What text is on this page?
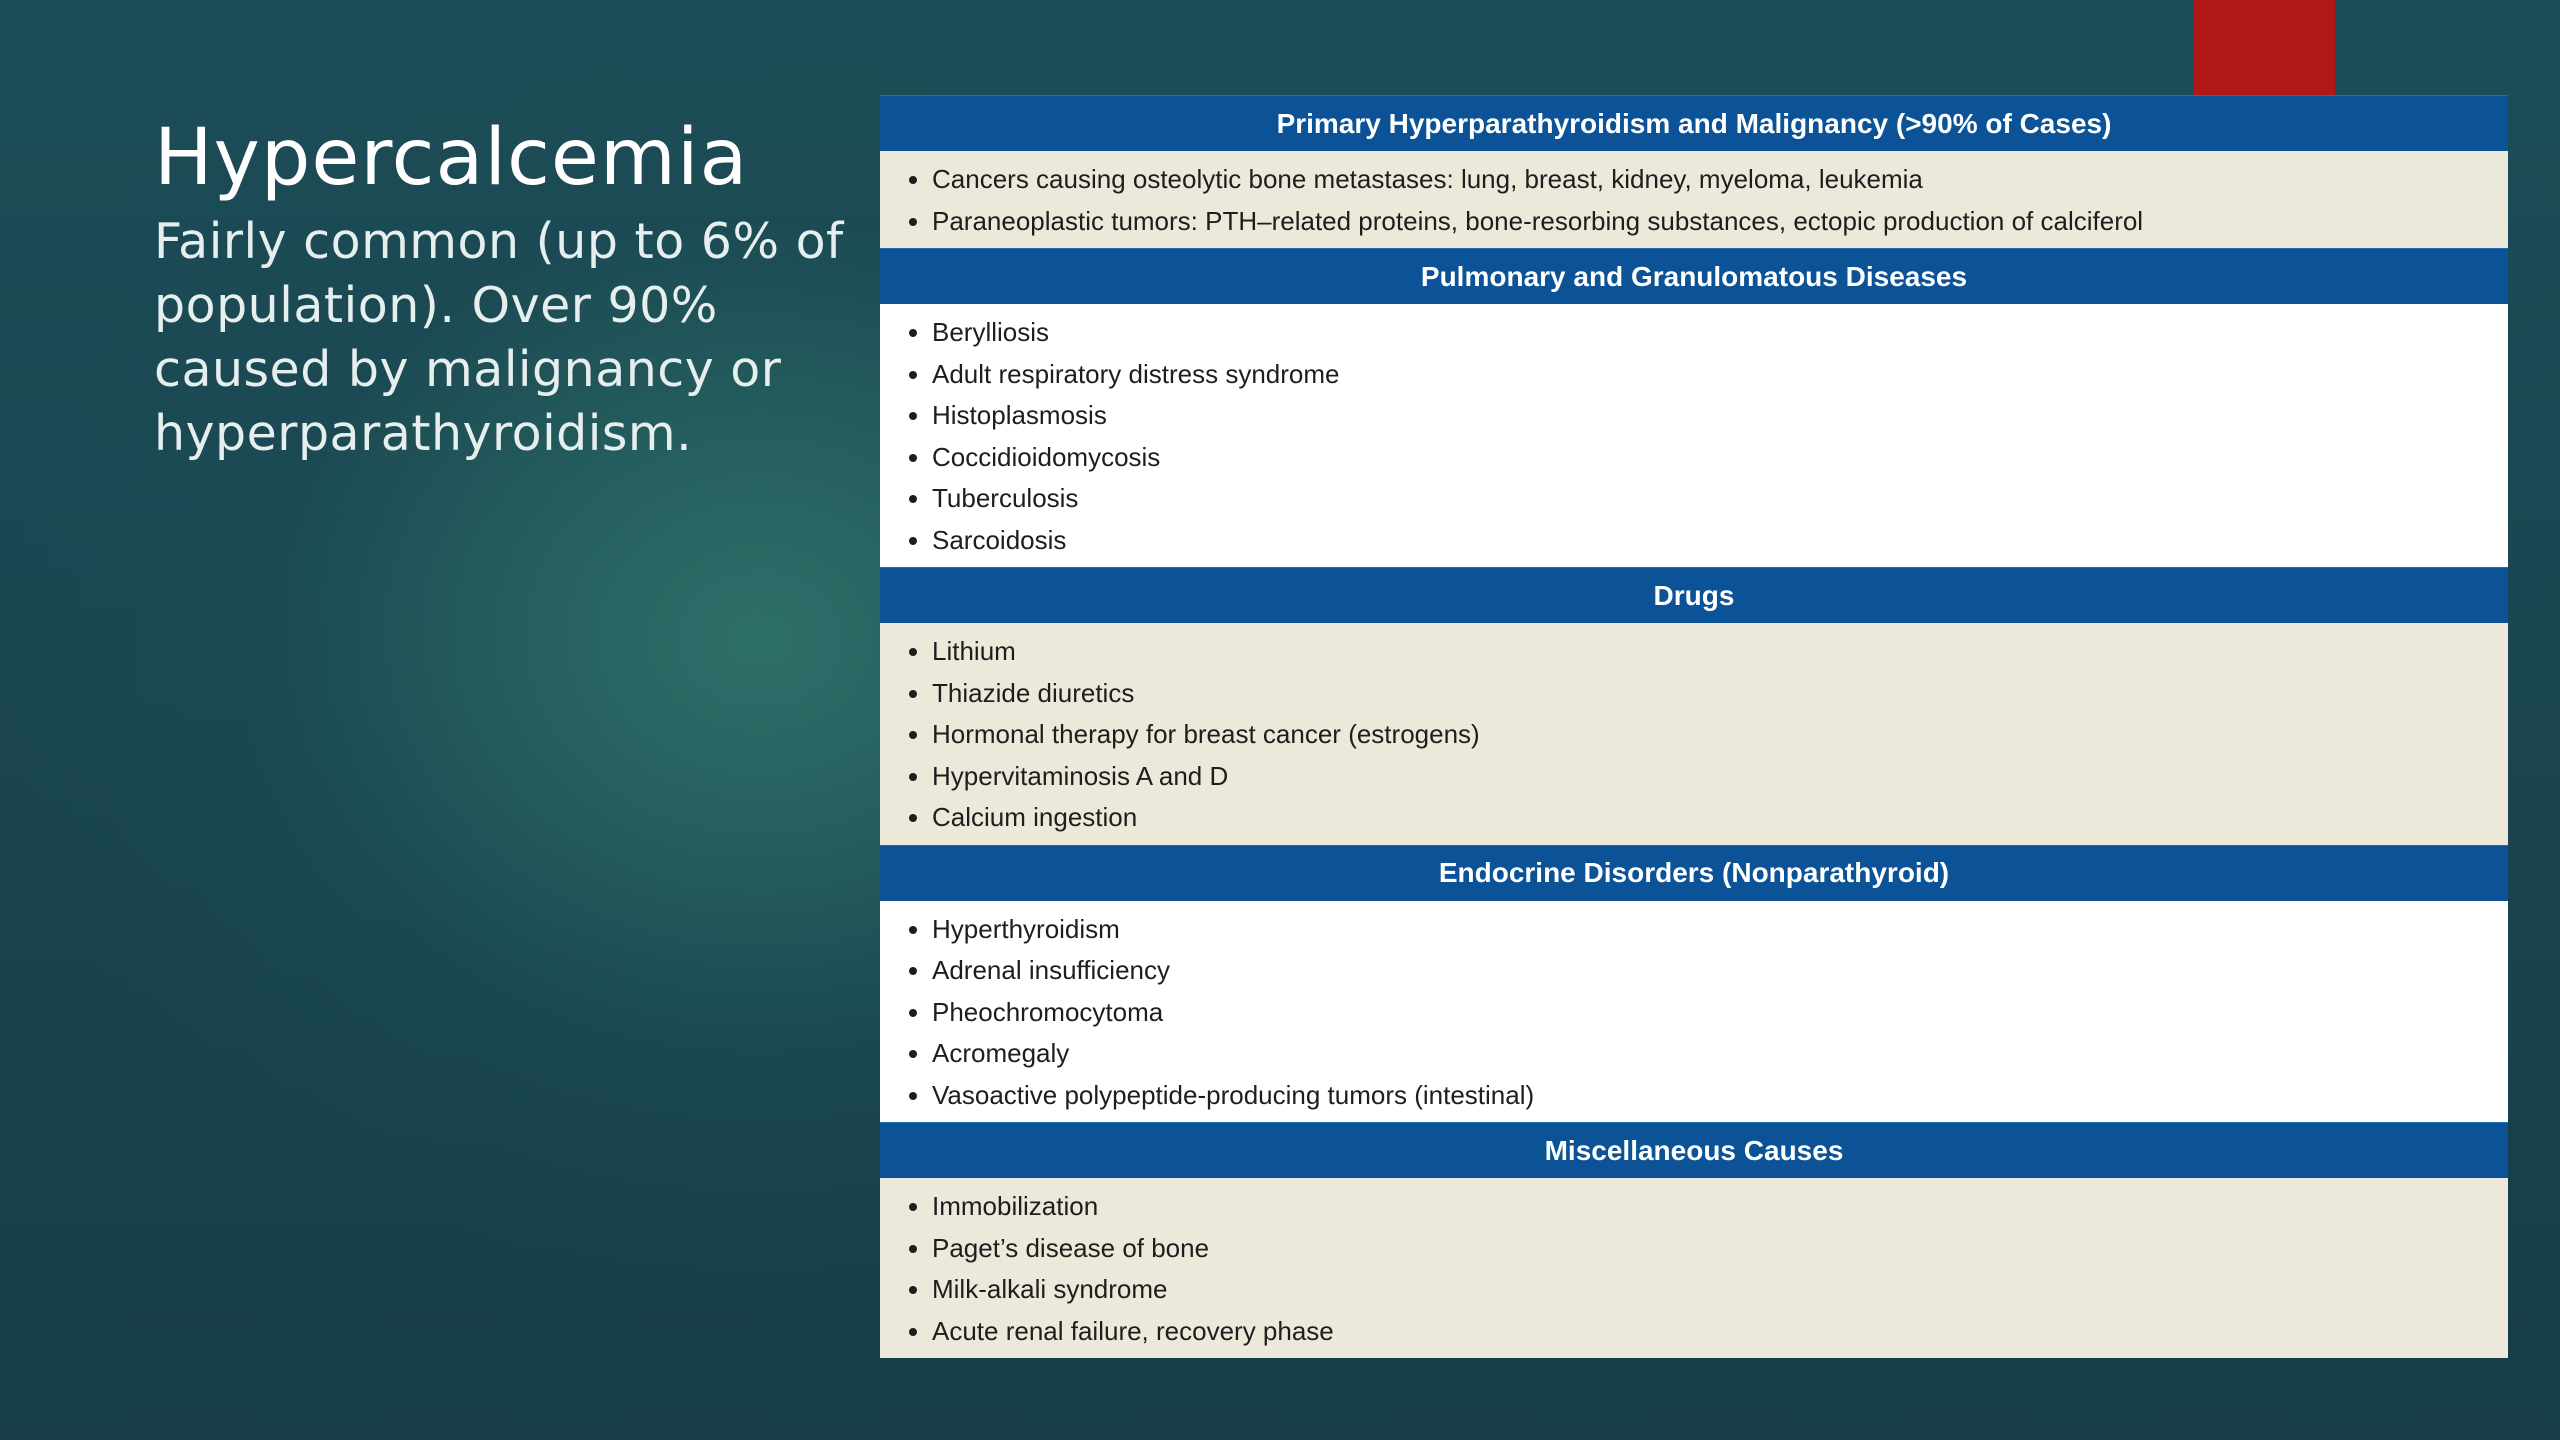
Hypercalcemia

Fairly common (up to 6% of population). Over 90% caused by malignancy or hyperparathyroidism.

Primary Hyperparathyroidism and Malignancy (>90% of Cases)

• Cancers causing osteolytic bone metastases: lung, breast, kidney, myeloma, leukemia
• Paraneoplastic tumors: PTH–related proteins, bone-resorbing substances, ectopic production of calciferol

Pulmonary and Granulomatous Diseases

• Berylliosis
• Adult respiratory distress syndrome
• Histoplasmosis
• Coccidioidomycosis
• Tuberculosis
• Sarcoidosis

Drugs

• Lithium
• Thiazide diuretics
• Hormonal therapy for breast cancer (estrogens)
• Hypervitaminosis A and D
• Calcium ingestion

Endocrine Disorders (Nonparathyroid)

• Hyperthyroidism
• Adrenal insufficiency
• Pheochromocytoma
• Acromegaly
• Vasoactive polypeptide-producing tumors (intestinal)

Miscellaneous Causes

• Immobilization
• Paget’s disease of bone
• Milk-alkali syndrome
• Acute renal failure, recovery phase
